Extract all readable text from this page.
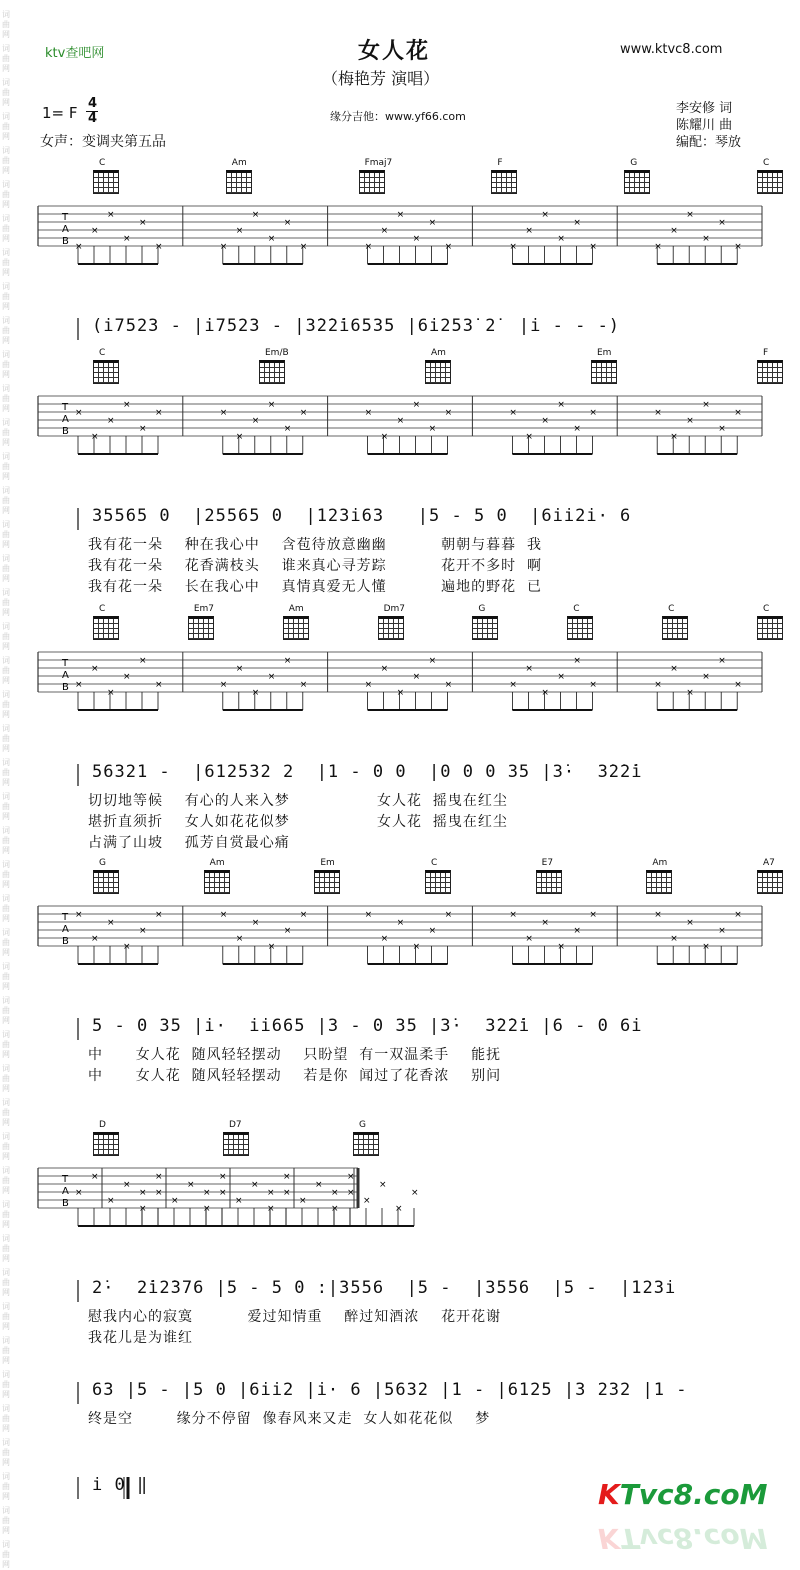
词
曲
网
词
曲
网
词
曲
网
词
曲
网
词
曲
网
词
曲
网
词
曲
网
词
曲
网
词
曲
网
词
曲
网
词
曲
网
词
曲
网
词
曲
网
词
曲
网
词
曲
网
词
曲
网
词
曲
网
词
曲
网
词
曲
网
词
曲
网
词
曲
网
词
曲
网
词
曲
网
词
曲
网
词
曲
网
词
曲
网
词
曲
网
词
曲
网
词
曲
网
词
曲
网
词
曲
网
词
曲
网
词
曲
网
词
曲
网
词
曲
网
词
曲
网
词
曲
网
词
曲
网
词
曲
网
词
曲
网
词
曲
网
词
曲
网
词
曲
网
词
曲
网
词
曲
网
词
曲
网
ktv查吧网	女人花
（梅艳芳 演唱）
www.ktvc8.com
1= F
4
4
女声：变调夹第五品
缘分吉他：www.yf66.com
李安修 词
陈耀川 曲
编配：琴放
C	Am	Fmaj7	F	G	C
(i7523 - |i7523 - |3̇2̇2̇i6535 |6i253̇ 2̇  |i - - -)
C	Em/B	Am	Em	F
35565 0  |25565 0  |123i63   |5 - 5 0  |6ii2i· 6
我有花一朵    种在我心中    含苞待放意幽幽          朝朝与暮暮  我
我有花一朵    花香满枝头    谁来真心寻芳踪          花开不多时  啊
我有花一朵    长在我心中    真情真爱无人懂          遍地的野花  已
C	Em7	Am	Dm7	G	C	C	C
56321 -  |612532 2  |1 - 0 0  |0 0 0 35 |3̇·  3̇2̇2̇i
切切地等候    有心的人来入梦                女人花  摇曳在红尘
堪折直须折    女人如花花似梦                女人花  摇曳在红尘
占满了山坡    孤芳自赏最心痛
G	Am	Em	C	E7	Am	A7
5 - 0 35 |i·  ii665 |3 - 0 35 |3̇·  3̇2̇2̇i |6 - 0 6i
中      女人花  随风轻轻摆动    只盼望  有一双温柔手    能抚
中      女人花  随风轻轻摆动    若是你  闻过了花香浓    别问
D	D7	G
2̇·  2̇i2̇376 |5 - 5 0 :|3556  |5 -  |3556  |5 -  |123i
慰我内心的寂寞          爱过知情重    醉过知酒浓    花开花谢
我花儿是为谁红
63 |5 - |5 0 |6ii2 |i· 6 |5632 |1 - |6125 |3 232 |1 -
终是空        缘分不停留  像春风来又走  女人如花花似    梦
i 0 ‖
T
A
B ×
×
×
×
×
×	×
×
×
×
×
×	×
×
×
×
×
×	×
×
×
×
×
×	×
×
×
×
×
×
T
A
B
×
×
×
×
×
×	×
×
×
×
×
×	×
×
×
×
×
×	×
×
×
×
×
×	×
×
×
×
×
×
T
A
B ×
×
×
×
×
×	×
×
×
×
×
×	×
×
×
×
×
×	×
×
×
×
×
×	×
×
×
×
×
×
T
A
B
×
×
×
×
×
×	×
×
×
×
×
×	×
×
×
×
×
×	×
×
×
×
×
×	×
×
×
×
×
×
T
A
B
×
×
×
×
×
×
×
×
×
×
×
×
×
×
×
×
×
×
×
×
×
×
×
×
×
×
×
×
×
×
KTvc8.coM
KTvc8.coM
